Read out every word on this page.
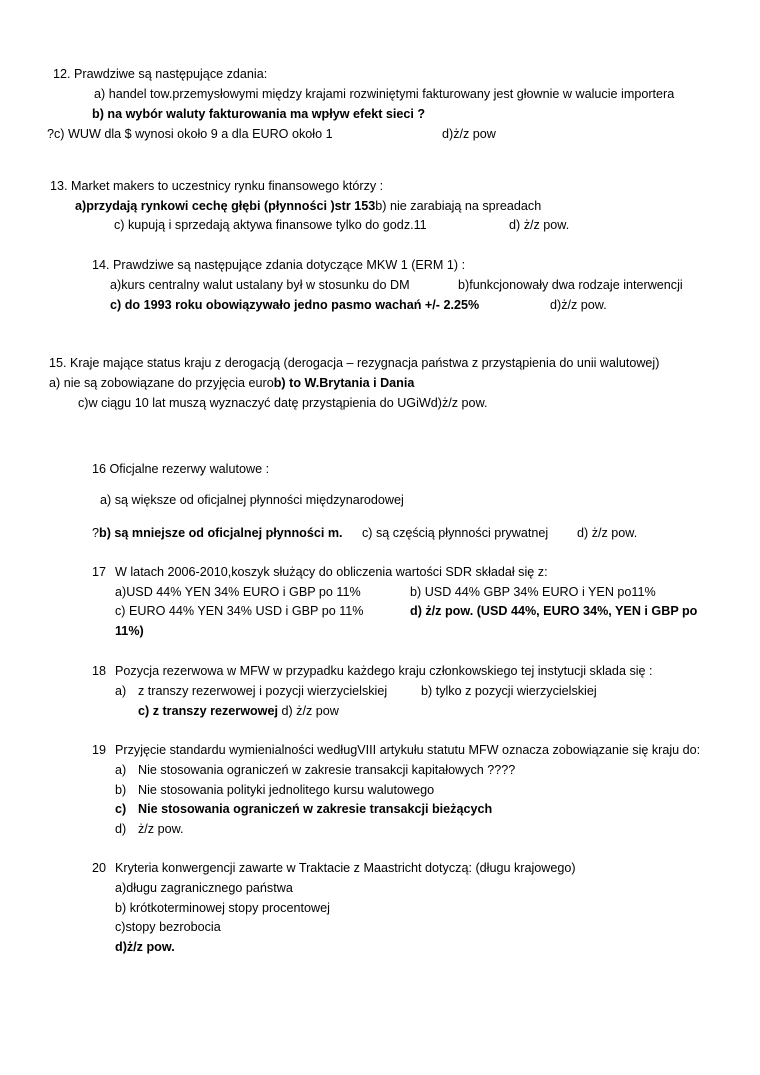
12. Prawdziwe są następujące zdania:
a) handel tow.przemysłowymi między krajami rozwiniętymi fakturowany jest głownie w walucie importera
b) na wybór waluty fakturowania ma wpływ efekt sieci ?
?c) WUW dla $ wynosi około 9 a dla EURO około 1	d)ż/z pow
13. Market makers to uczestnicy rynku finansowego którzy :
a)przydają rynkowi cechę głębi (płynności )str 153b) nie zarabiają na spreadach
c) kupują i sprzedają aktywa finansowe tylko do godz.11	d) ż/z pow.
14. Prawdziwe są następujące zdania dotyczące MKW 1 (ERM 1) :
a)kurs centralny walut ustalany był w stosunku do DM	b)funkcjonowały dwa rodzaje interwencji
c) do 1993 roku obowiązywało jedno pasmo wachań +/- 2.25%	d)ż/z pow.
15. Kraje mające status kraju z derogacją (derogacja – rezygnacja państwa z przystąpienia do unii walutowej)
a) nie są zobowiązane do przyjęcia eurob) to W.Brytania i Dania
c)w ciągu 10 lat muszą wyznaczyć datę przystąpienia do UGiWd)ż/z pow.
16 Oficjalne rezerwy walutowe :
a) są większe od oficjalnej płynności międzynarodowej
?b) są mniejsze od oficjalnej płynności m. c) są częścią płynności prywatnej d) ż/z pow.
17 W latach 2006-2010,koszyk służący do obliczenia wartości SDR składał się z:
a)USD 44% YEN 34% EURO i GBP po 11%	b) USD 44% GBP 34% EURO i YEN po11%
c) EURO 44% YEN 34% USD i GBP po 11%	d) ż/z pow. (USD 44%, EURO 34%, YEN i GBP po
11%)
18 Pozycja rezerwowa w MFW w przypadku każdego kraju członkowskiego tej instytucji sklada się :
a) z transzy rezerwowej i pozycji wierzycielskiej	b) tylko z pozycji wierzycielskiej
c) z transzy rezerwowej d) ż/z pow
19 Przyjęcie standardu wymienialności wedługVIII artykułu statutu MFW oznacza zobowiązanie się kraju do:
a) Nie stosowania ograniczeń w zakresie transakcji kapitałowych ????
b) Nie stosowania polityki jednolitego kursu walutowego
c) Nie stosowania ograniczeń w zakresie transakcji bieżących
d) ż/z pow.
20 Kryteria konwergencji zawarte w Traktacie z Maastricht dotyczą: (długu krajowego)
a)długu zagranicznego państwa
b) krótkoterminowej stopy procentowej
c)stopy bezrobocia
d)ż/z pow.
